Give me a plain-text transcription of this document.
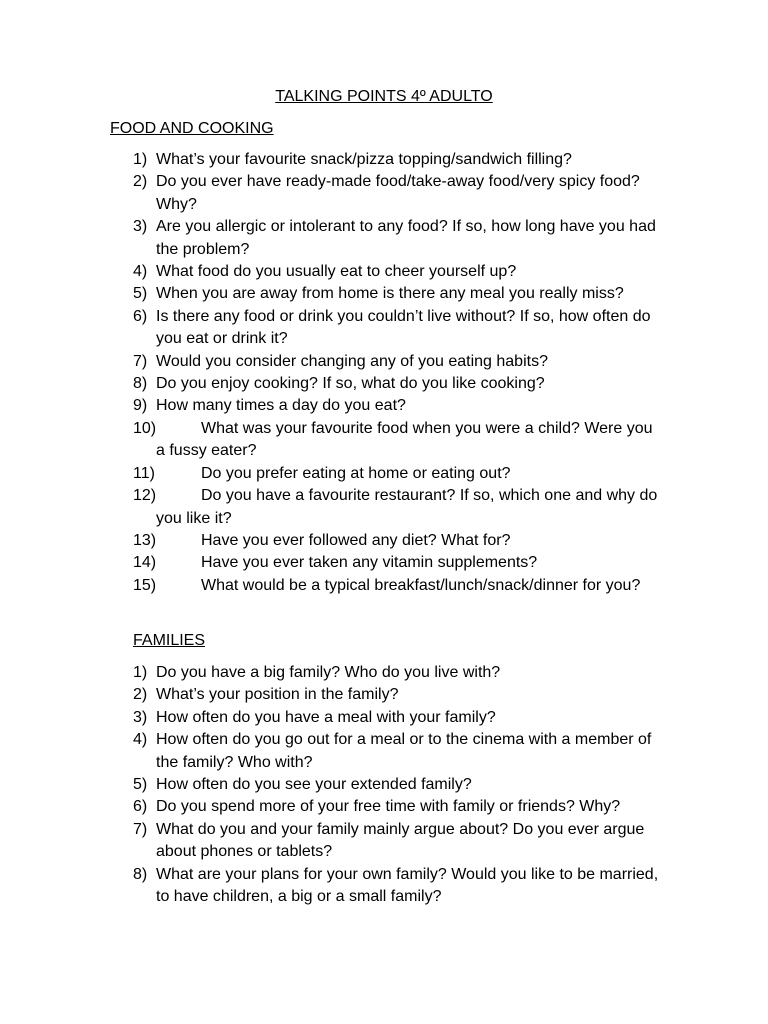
TALKING POINTS 4º ADULTO
FOOD AND COOKING
1) What’s your favourite snack/pizza topping/sandwich filling?
2) Do you ever have ready-made food/take-away food/very spicy food? Why?
3) Are you allergic or intolerant to any food? If so, how long have you had the problem?
4) What food do you usually eat to cheer yourself up?
5) When you are away from home is there any meal you really miss?
6) Is there any food or drink you couldn’t live without? If so, how often do you eat or drink it?
7) Would you consider changing any of you eating habits?
8) Do you enjoy cooking? If so, what do you like cooking?
9) How many times a day do you eat?
10)	What was your favourite food when you were a child? Were you a fussy eater?
11)	Do you prefer eating at home or eating out?
12)	Do you have a favourite restaurant? If so, which one and why do you like it?
13)	Have you ever followed any diet? What for?
14)	Have you ever taken any vitamin supplements?
15)	What would be a typical breakfast/lunch/snack/dinner for you?
FAMILIES
1) Do you have a big family? Who do you live with?
2) What’s your position in the family?
3) How often do you have a meal with your family?
4) How often do you go out for a meal or to the cinema with a member of the family? Who with?
5) How often do you see your extended family?
6) Do you spend more of your free time with family or friends? Why?
7) What do you and your family mainly argue about? Do you ever argue about phones or tablets?
8) What are your plans for your own family? Would you like to be married, to have children, a big or a small family?
